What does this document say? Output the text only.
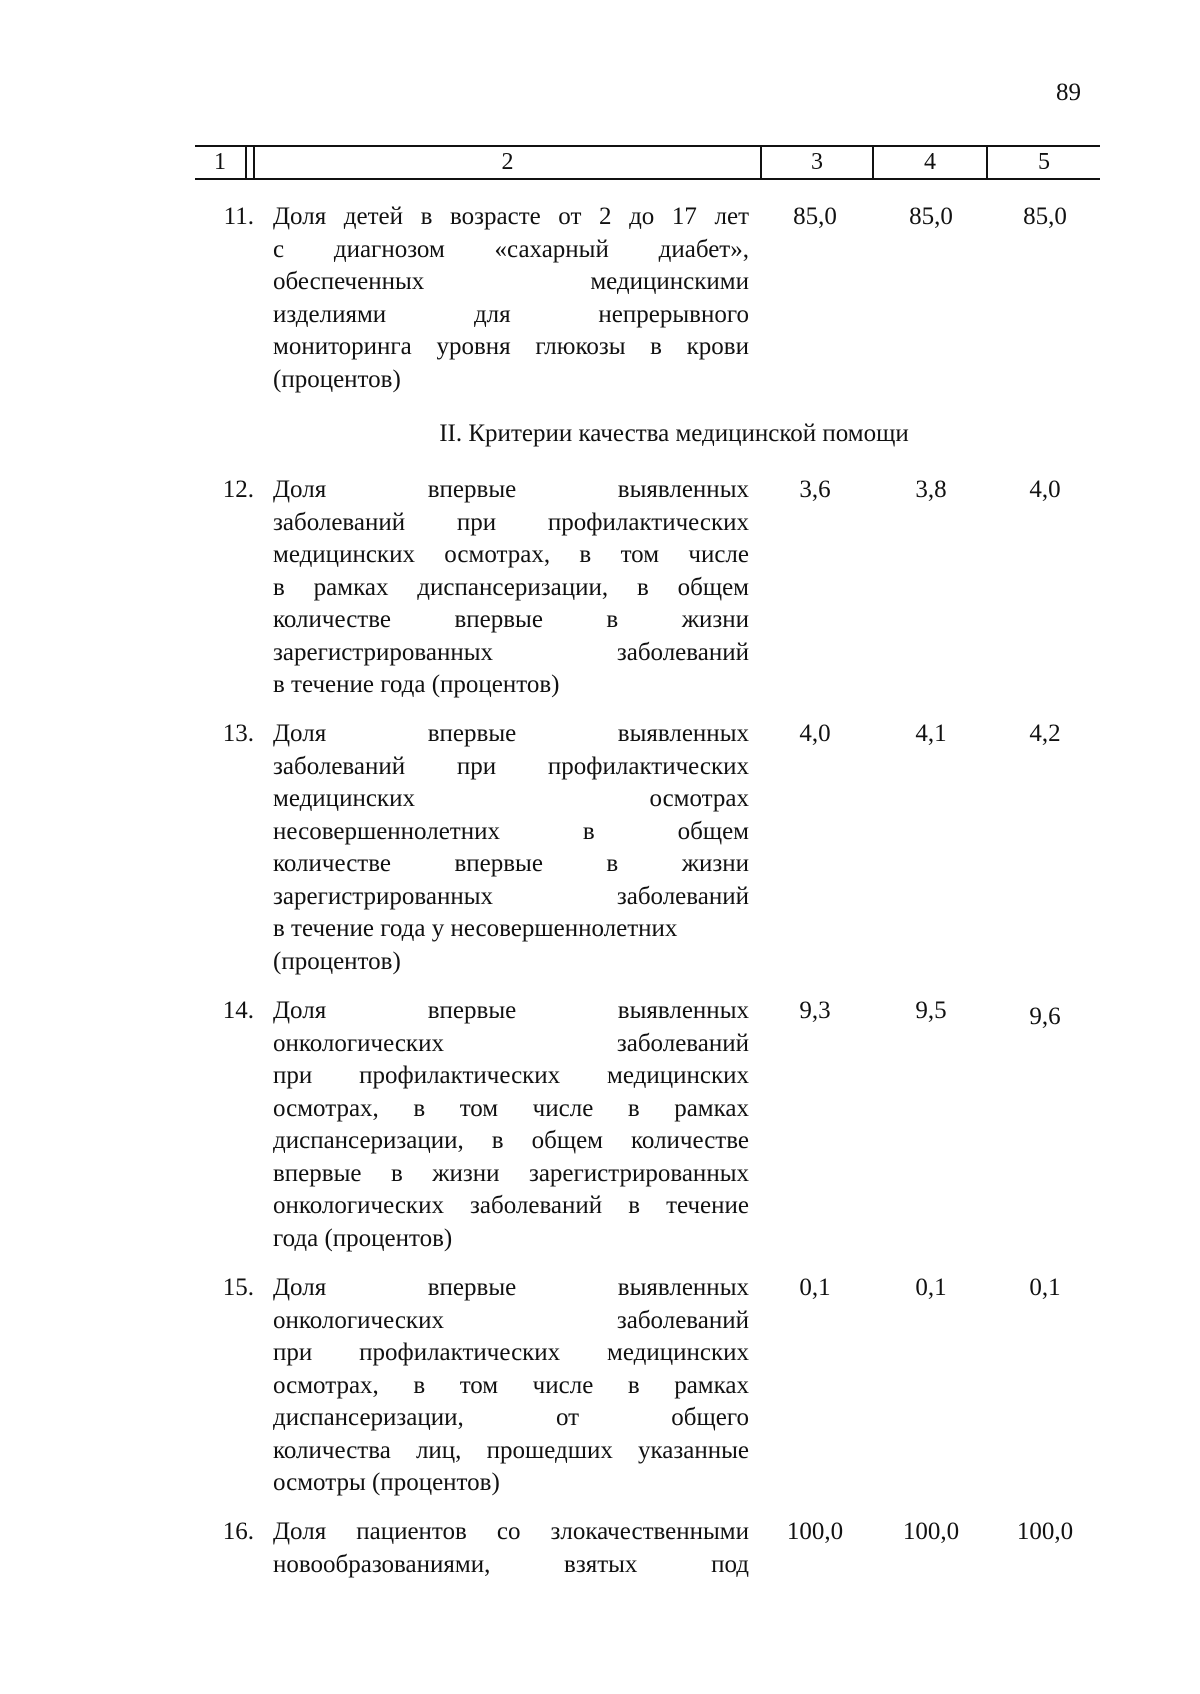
89
1	2	3	4	5
11. Доля детей в возрасте от 2 до 17 лет
с диагнозом «сахарный диабет»,
обеспеченных медицинскими
изделиями для непрерывного
мониторинга уровня глюкозы в крови
(процентов)
85,0	85,0	85,0
II. Критерии качества медицинской помощи
12. Доля впервые выявленных
заболеваний при профилактических
медицинских осмотрах, в том числе
в рамках диспансеризации, в общем
количестве впервые в жизни
зарегистрированных заболеваний
в течение года (процентов)
3,6	3,8	4,0
13. Доля впервые выявленных
заболеваний при профилактических
медицинских осмотрах
несовершеннолетних в общем
количестве впервые в жизни
зарегистрированных заболеваний
в течение года у несовершеннолетних
(процентов)
4,0	4,1	4,2
14. Доля впервые выявленных
онкологических заболеваний
при профилактических медицинских
осмотрах, в том числе в рамках
диспансеризации, в общем количестве
впервые в жизни зарегистрированных
онкологических заболеваний в течение
года (процентов)
9,3	9,5	9,6
15. Доля впервые выявленных
онкологических заболеваний
при профилактических медицинских
осмотрах, в том числе в рамках
диспансеризации, от общего
количества лиц, прошедших указанные
осмотры (процентов)
0,1	0,1	0,1
16. Доля пациентов со злокачественными
новообразованиями, взятых под
100,0	100,0	100,0
